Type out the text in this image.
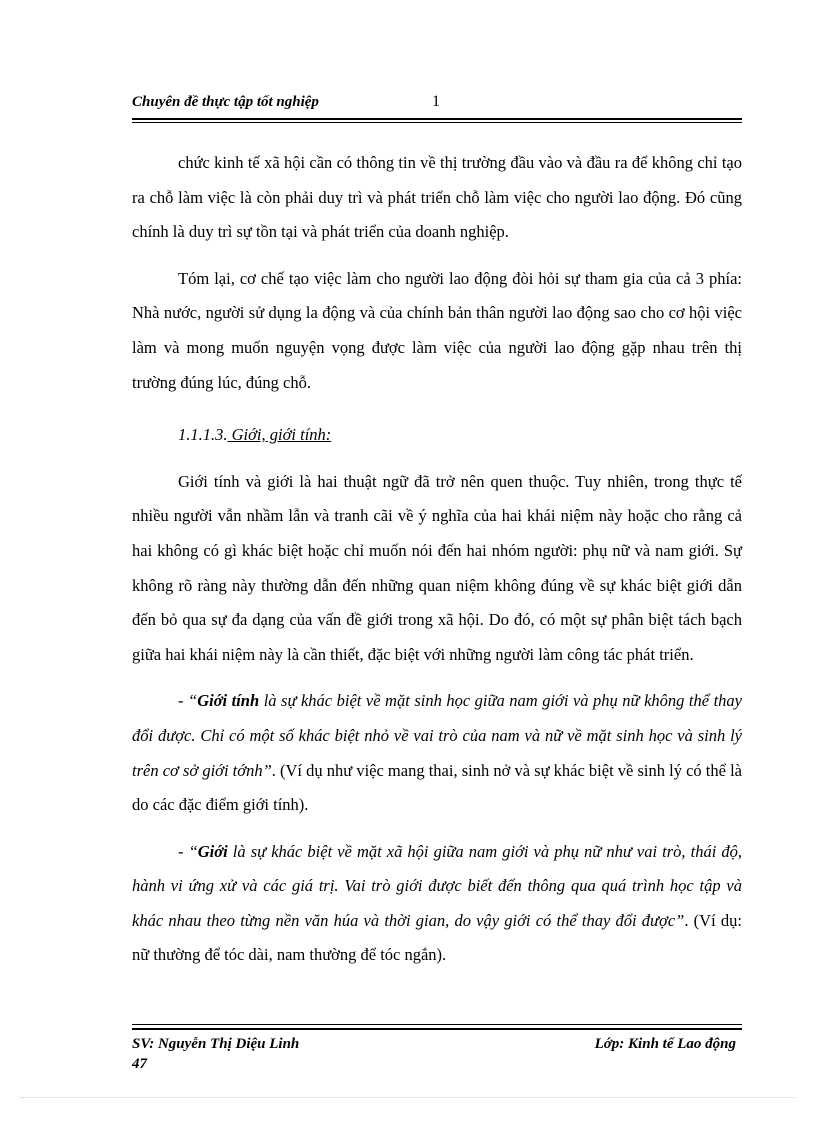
Chuyên đề thực tập tốt nghiệp	1

chức kinh tế xã hội cần có thông tin về thị trường đầu vào và đầu ra để không chỉ tạo ra chỗ làm việc là còn phải duy trì và phát triển chỗ làm việc cho người lao động. Đó cũng chính là duy trì sự tồn tại và phát triển của doanh nghiệp.

Tóm lại, cơ chế tạo việc làm cho người lao động đòi hỏi sự tham gia của cả 3 phía: Nhà nước, người sử dụng la động và của chính bản thân người lao động sao cho cơ hội việc làm và mong muốn nguyện vọng được làm việc của người lao động gặp nhau trên thị trường đúng lúc, đúng chỗ.

1.1.1.3. Giới, giới tính:

Giới tính và giới là hai thuật ngữ đã trở nên quen thuộc. Tuy nhiên, trong thực tế nhiều người vẫn nhầm lẫn và tranh cãi về ý nghĩa của hai khái niệm này hoặc cho rằng cả hai không có gì khác biệt hoặc chỉ muốn nói đến hai nhóm người: phụ nữ và nam giới. Sự không rõ ràng này thường dẫn đến những quan niệm không đúng về sự khác biệt giới dẫn đến bỏ qua sự đa dạng của vấn đề giới trong xã hội. Do đó, có một sự phân biệt tách bạch giữa hai khái niệm này là cần thiết, đặc biệt với những người làm công tác phát triển.

- “Giới tính là sự khác biệt về mặt sinh học giữa nam giới và phụ nữ không thể thay đổi được. Chỉ có một số khác biệt nhỏ về vai trò của nam và nữ về mặt sinh học và sinh lý trên cơ sở giới tớnh”. (Ví dụ như việc mang thai, sinh nở và sự khác biệt về sinh lý có thể là do các đặc điểm giới tính).

- “Giới là sự khác biệt về mặt xã hội giữa nam giới và phụ nữ như vai trò, thái độ, hành vi ứng xử và các giá trị. Vai trò giới được biết đến thông qua quá trình học tập và khác nhau theo từng nền văn húa và thời gian, do vậy giới có thể thay đổi được”. (Ví dụ: nữ thường để tóc dài, nam thường để tóc ngắn).

SV: Nguyễn Thị Diệu Linh	Lớp: Kinh tế Lao động
47
